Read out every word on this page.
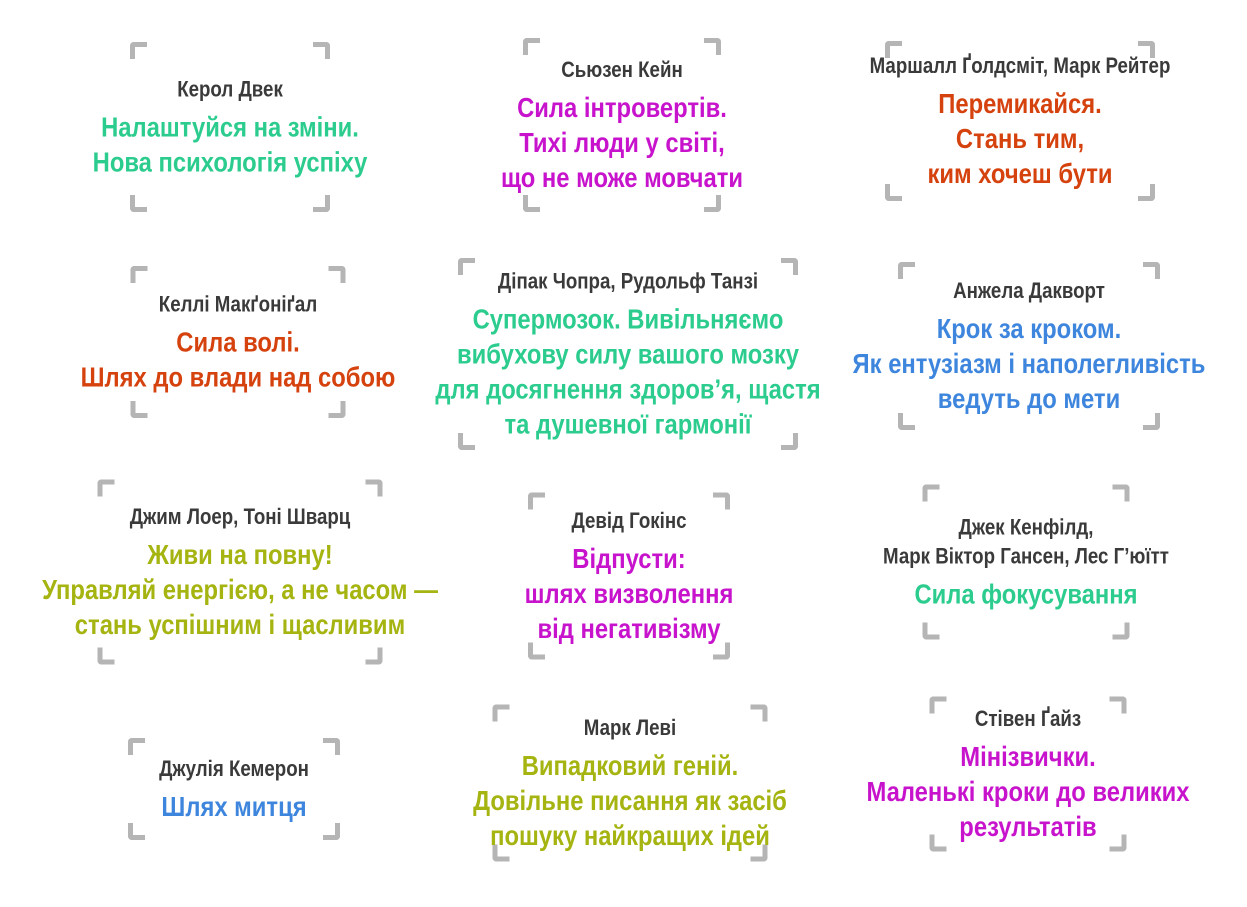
Керол Двек
Налаштуйся на зміни.
Нова психологія успіху
Сьюзен Кейн
Сила інтровертів.
Тихі люди у світі,
що не може мовчати
Маршалл Ґолдсміт, Марк Рейтер
Перемикайся.
Стань тим,
ким хочеш бути
Келлі Макґоніґал
Сила волі.
Шлях до влади над собою
Діпак Чопра, Рудольф Танзі
Супермозок. Вивільняємо
вибухову силу вашого мозку
для досягнення здоров’я, щастя
та душевної гармонії
Анжела Дакворт
Крок за кроком.
Як ентузіазм і наполегливість
ведуть до мети
Джим Лоер, Тоні Шварц
Живи на повну!
Управляй енергією, а не часом —
стань успішним і щасливим
Девід Гокінс
Відпусти:
шлях визволення
від негативізму
Джек Кенфілд,
Марк Віктор Гансен, Лес Г’юїтт
Сила фокусування
Джулія Кемерон
Шлях митця
Марк Леві
Випадковий геній.
Довільне писання як засіб
пошуку найкращих ідей
Стівен Ґайз
Мінізвички.
Маленькі кроки до великих
результатів
